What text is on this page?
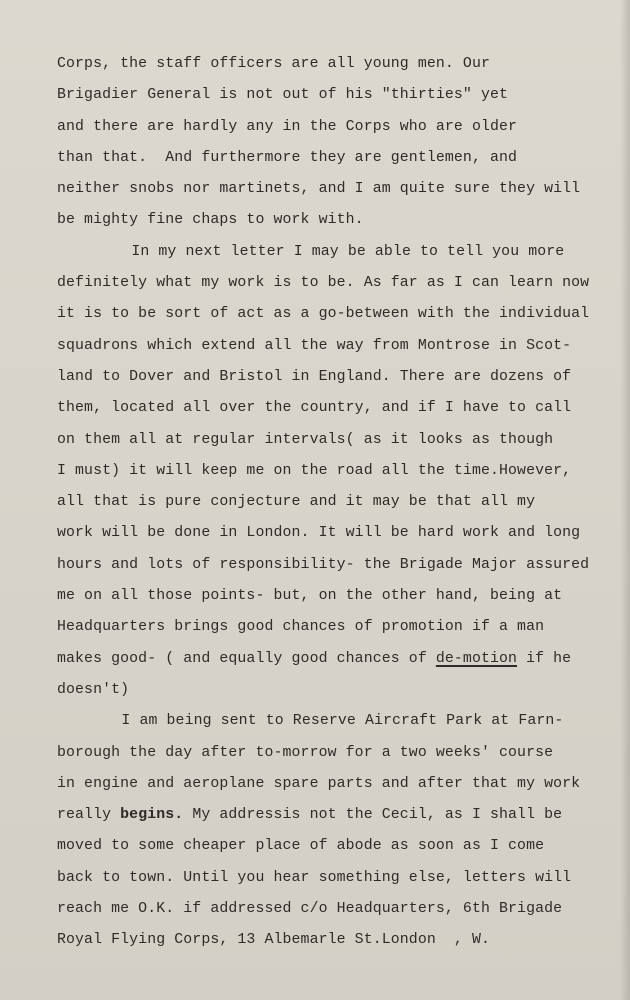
Corps, the staff officers are all young men. Our
Brigadier General is not out of his "thirties" yet
and there are hardly any in the Corps who are older
than that.  And furthermore they are gentlemen, and
neither snobs nor martinets, and I am quite sure they will
be mighty fine chaps to work with.
In my next letter I may be able to tell you more
definitely what my work is to be. As far as I can learn now
it is to be sort of act as a go-between with the individual
squadrons which extend all the way from Montrose in Scot-
land to Dover and Bristol in England. There are dozens of
them, located all over the country, and if I have to call
on them all at regular intervals( as it looks as though
I must) it will keep me on the road all the time.However,
all that is pure conjecture and it may be that all my
work will be done in London. It will be hard work and long
hours and lots of responsibility- the Brigade Major assured
me on all those points- but, on the other hand, being at
Headquarters brings good chances of promotion if a man
makes good- ( and equally good chances of de-motion if he
doesn't)
I am being sent to Reserve Aircraft Park at Farn-
borough the day after to-morrow for a two weeks' course
in engine and aeroplane spare parts and after that my work
really begins. My addressis not the Cecil, as I shall be
moved to some cheaper place of abode as soon as I come
back to town. Until you hear something else, letters will
reach me O.K. if addressed c/o Headquarters, 6th Brigade
Royal Flying Corps, 13 Albemarle St.London  , W.
